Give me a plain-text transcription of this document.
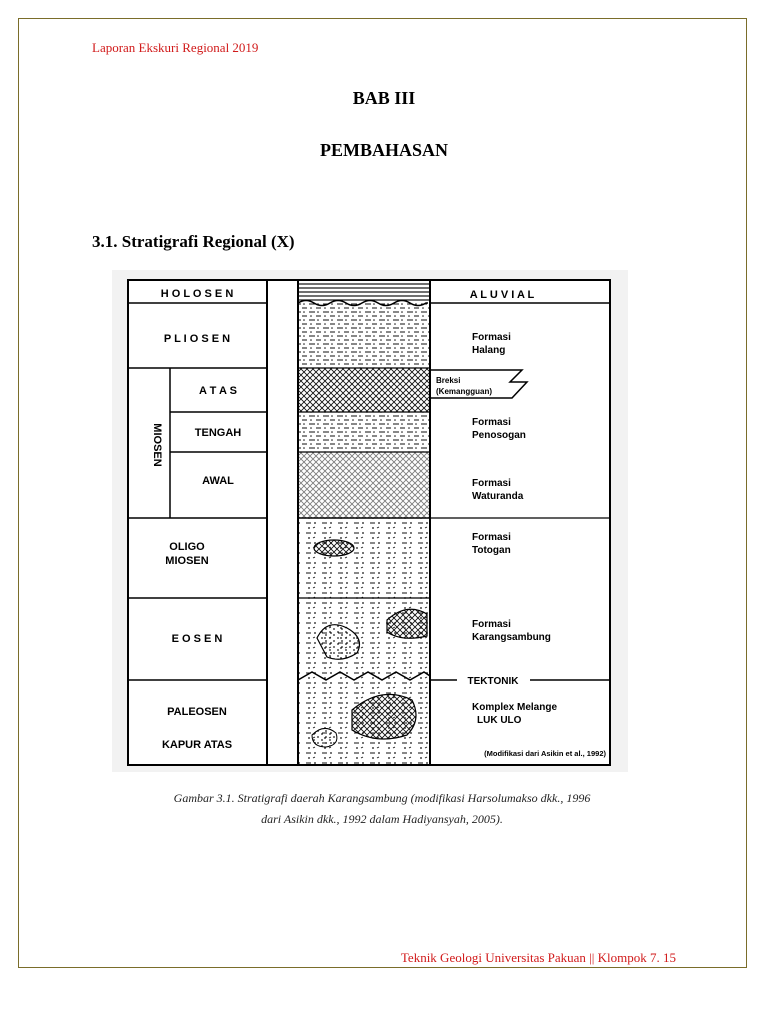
Laporan Ekskuri Regional 2019
BAB III
PEMBAHASAN
3.1. Stratigrafi Regional (X)
H O L O S E N
P L I O S E N
MIOSEN
A T A S
TENGAH
AWAL
OLIGO
MIOSEN
E O S E N
PALEOSEN
KAPUR ATAS
A L U V I A L
Formasi
Halang
Breksi
(Kemangguan)
Formasi
Penosogan
Formasi
Waturanda
Formasi
Totogan
Formasi
Karangsambung
TEKTONIK
Komplex Melange
LUK ULO
(Modifikasi dari Asikin et al., 1992)
Gambar 3.1. Stratigrafi daerah Karangsambung (modifikasi Harsolumakso dkk., 1996
dari Asikin dkk., 1992 dalam Hadiyansyah, 2005).
Teknik Geologi Universitas Pakuan || Klompok 7. 15
